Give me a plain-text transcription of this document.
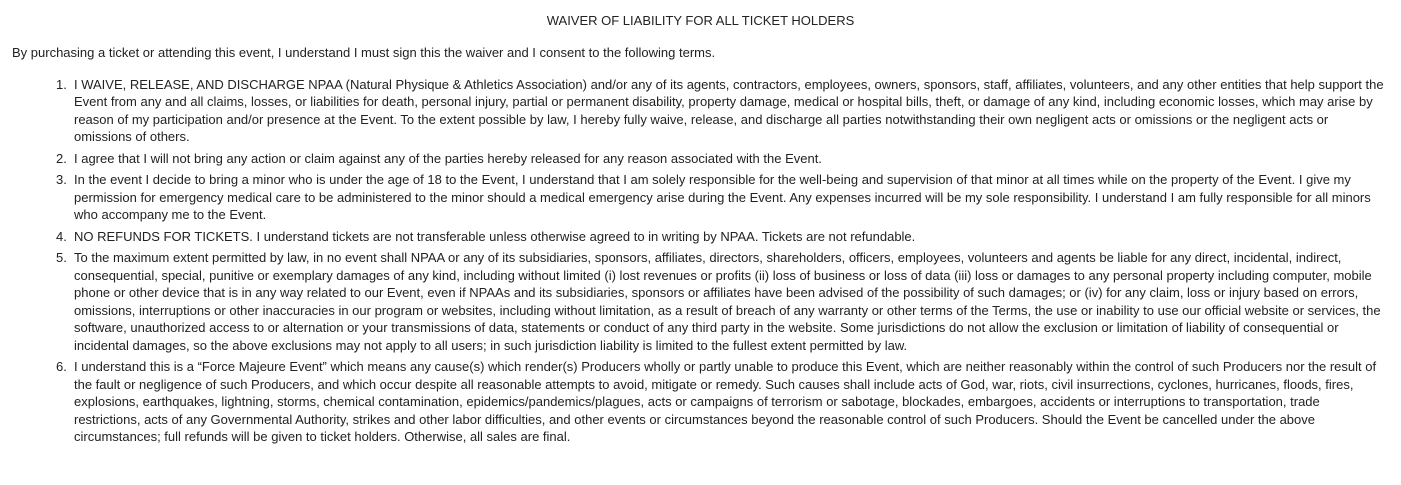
WAIVER OF LIABILITY FOR ALL TICKET HOLDERS

By purchasing a ticket or attending this event, I understand I must sign this the waiver and I consent to the following terms.

1. I WAIVE, RELEASE, AND DISCHARGE NPAA (Natural Physique & Athletics Association) and/or any of its agents, contractors, employees, owners, sponsors, staff, affiliates, volunteers, and any other entities that help support the Event from any and all claims, losses, or liabilities for death, personal injury, partial or permanent disability, property damage, medical or hospital bills, theft, or damage of any kind, including economic losses, which may arise by reason of my participation and/or presence at the Event. To the extent possible by law, I hereby fully waive, release, and discharge all parties notwithstanding their own negligent acts or omissions or the negligent acts or omissions of others.
2. I agree that I will not bring any action or claim against any of the parties hereby released for any reason associated with the Event.
3. In the event I decide to bring a minor who is under the age of 18 to the Event, I understand that I am solely responsible for the well-being and supervision of that minor at all times while on the property of the Event. I give my permission for emergency medical care to be administered to the minor should a medical emergency arise during the Event. Any expenses incurred will be my sole responsibility. I understand I am fully responsible for all minors who accompany me to the Event.
4. NO REFUNDS FOR TICKETS. I understand tickets are not transferable unless otherwise agreed to in writing by NPAA. Tickets are not refundable.
5. To the maximum extent permitted by law, in no event shall NPAA or any of its subsidiaries, sponsors, affiliates, directors, shareholders, officers, employees, volunteers and agents be liable for any direct, incidental, indirect, consequential, special, punitive or exemplary damages of any kind, including without limited (i) lost revenues or profits (ii) loss of business or loss of data (iii) loss or damages to any personal property including computer, mobile phone or other device that is in any way related to our Event, even if NPAAs and its subsidiaries, sponsors or affiliates have been advised of the possibility of such damages; or (iv) for any claim, loss or injury based on errors, omissions, interruptions or other inaccuracies in our program or websites, including without limitation, as a result of breach of any warranty or other terms of the Terms, the use or inability to use our official website or services, the software, unauthorized access to or alternation or your transmissions of data, statements or conduct of any third party in the website. Some jurisdictions do not allow the exclusion or limitation of liability of consequential or incidental damages, so the above exclusions may not apply to all users; in such jurisdiction liability is limited to the fullest extent permitted by law.
6. I understand this is a “Force Majeure Event” which means any cause(s) which render(s) Producers wholly or partly unable to produce this Event, which are neither reasonably within the control of such Producers nor the result of the fault or negligence of such Producers, and which occur despite all reasonable attempts to avoid, mitigate or remedy. Such causes shall include acts of God, war, riots, civil insurrections, cyclones, hurricanes, floods, fires, explosions, earthquakes, lightning, storms, chemical contamination, epidemics/pandemics/plagues, acts or campaigns of terrorism or sabotage, blockades, embargoes, accidents or interruptions to transportation, trade restrictions, acts of any Governmental Authority, strikes and other labor difficulties, and other events or circumstances beyond the reasonable control of such Producers. Should the Event be cancelled under the above circumstances; full refunds will be given to ticket holders. Otherwise, all sales are final.
